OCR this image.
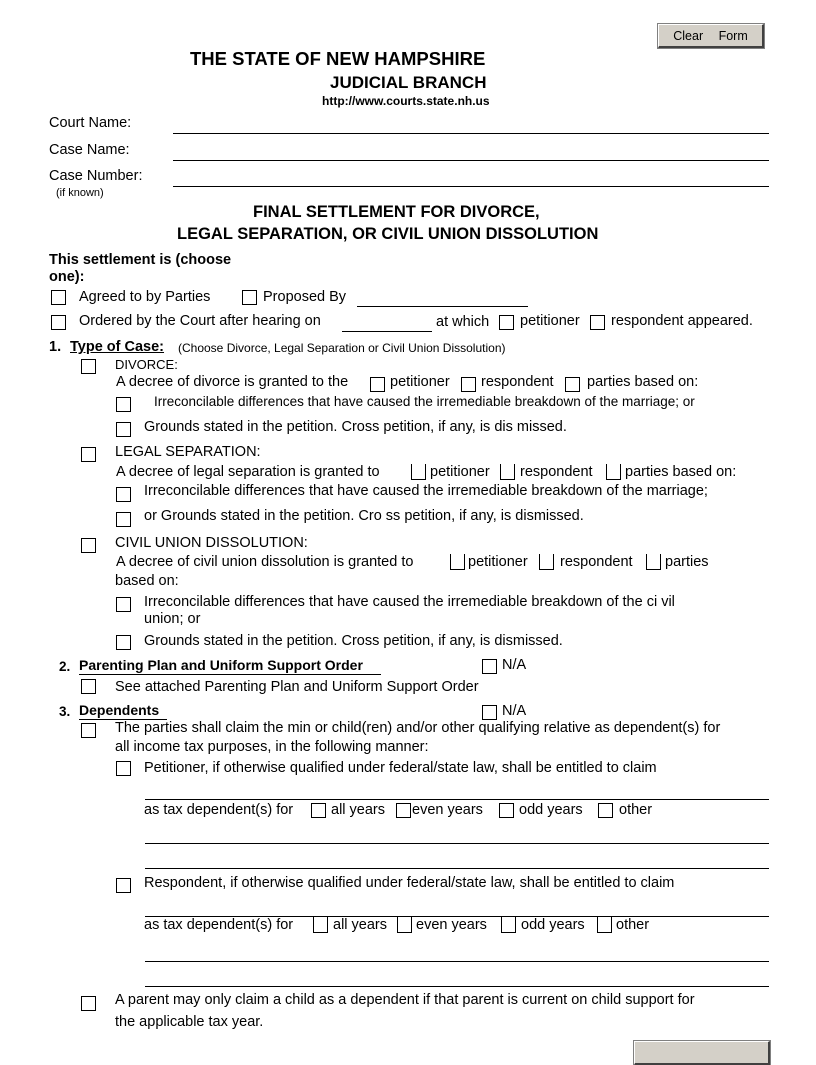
Clear Form
THE STATE OF NEW HAMPSHIRE
JUDICIAL BRANCH
http://www.courts.state.nh.us
Court Name:
Case Name:
Case Number:
(if known)
FINAL SETTLEMENT FOR DIVORCE,
LEGAL SEPARATION, OR CIVIL UNION DISSOLUTION
This settlement is (choose
one):
Agreed to by Parties	Proposed By
Ordered by the Court after hearing on	at which petitioner respondent appeared.
1. Type of Case: (Choose Divorce, Legal Separation or Civil Union Dissolution)
DIVORCE:
A decree of divorce is granted to the	petitioner respondent parties based on:
Irreconcilable differences that have caused the irremediable breakdown of the marriage; or
Grounds stated in the petition. Cross petition, if any, is dis missed.
LEGAL SEPARATION:
A decree of legal separation is granted to	petitioner respondent parties based on:
Irreconcilable differences that have caused the irremediable breakdown of the marriage;
or Grounds stated in the petition. Cro ss petition, if any, is dismissed.
CIVIL UNION DISSOLUTION:
A decree of civil union dissolution is granted to	petitioner respondent parties
based on:
Irreconcilable differences that have caused the irremediable breakdown of the ci vil
union; or
Grounds stated in the petition. Cross petition, if any, is dismissed.
2. Parenting Plan and Uniform Support Order	N/A
See attached Parenting Plan and Uniform Support Order
3. Dependents	N/A
The parties shall claim the min or child(ren) and/or other qualifying relative as dependent(s) for
all income tax purposes, in the following manner:
Petitioner, if otherwise qualified under federal/state law, shall be entitled to claim
as tax dependent(s) for	all years even years odd years	other
Respondent, if otherwise qualified under federal/state law, shall be entitled to claim
as tax dependent(s) for	all years even years odd years other
A parent may only claim a child as a dependent if that parent is current on child support for
the applicable tax year.
